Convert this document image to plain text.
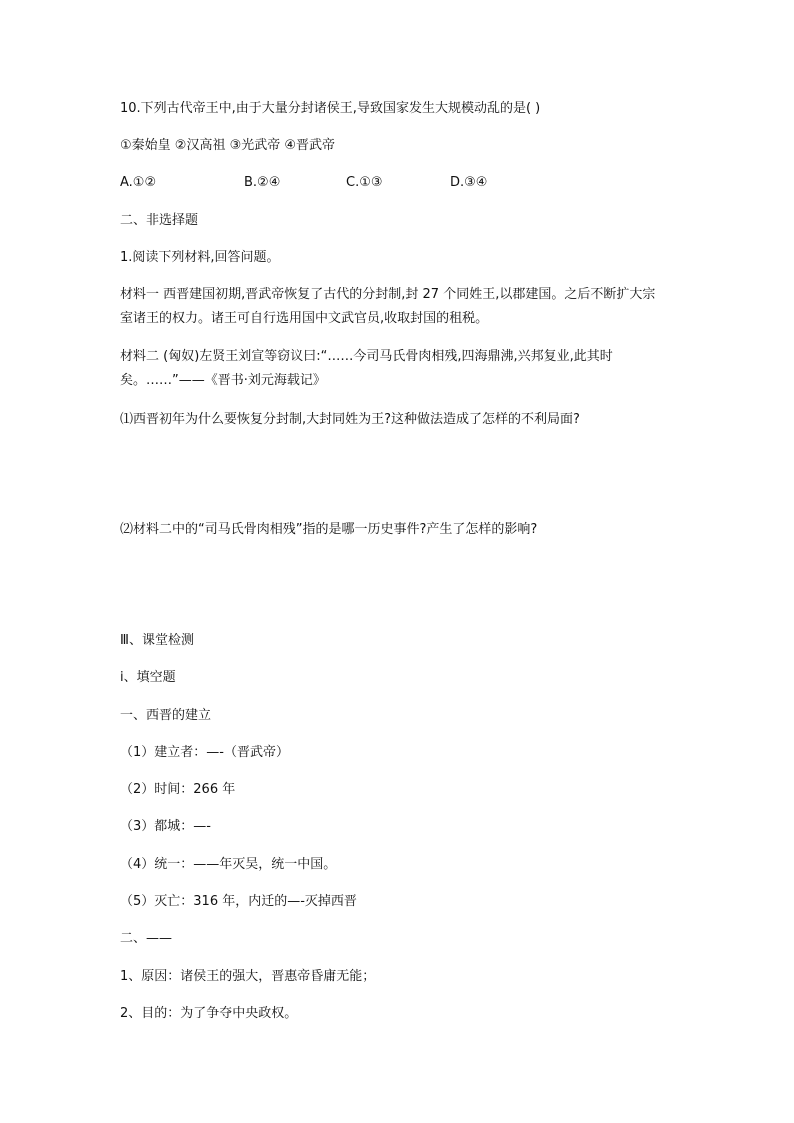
10.下列古代帝王中,由于大量分封诸侯王,导致国家发生大规模动乱的是( )
①秦始皇 ②汉高祖 ③光武帝 ④晋武帝
A.①②	B.②④	C.①③	D.③④
二、非选择题
1.阅读下列材料,回答问题。
材料一 西晋建国初期,晋武帝恢复了古代的分封制,封 27 个同姓王,以郡建国。之后不断扩大宗室诸王的权力。诸王可自行选用国中文武官员,收取封国的租税。
材料二 (匈奴)左贤王刘宣等窃议曰:“……今司马氏骨肉相残,四海鼎沸,兴邦复业,此其时矣。……”——《晋书·刘元海载记》
⑴西晋初年为什么要恢复分封制,大封同姓为王?这种做法造成了怎样的不利局面?
⑵材料二中的“司马氏骨肉相残”指的是哪一历史事件?产生了怎样的影响?
Ⅲ、课堂检测
ⅰ、填空题
一、西晋的建立
（1）建立者：—-（晋武帝）
（2）时间：266 年
（3）都城：—-
（4）统一：——年灭吴，统一中国。
（5）灭亡：316 年，内迁的—-灭掉西晋
二、——
1、原因：诸侯王的强大，晋惠帝昏庸无能；
2、目的：为了争夺中央政权。
